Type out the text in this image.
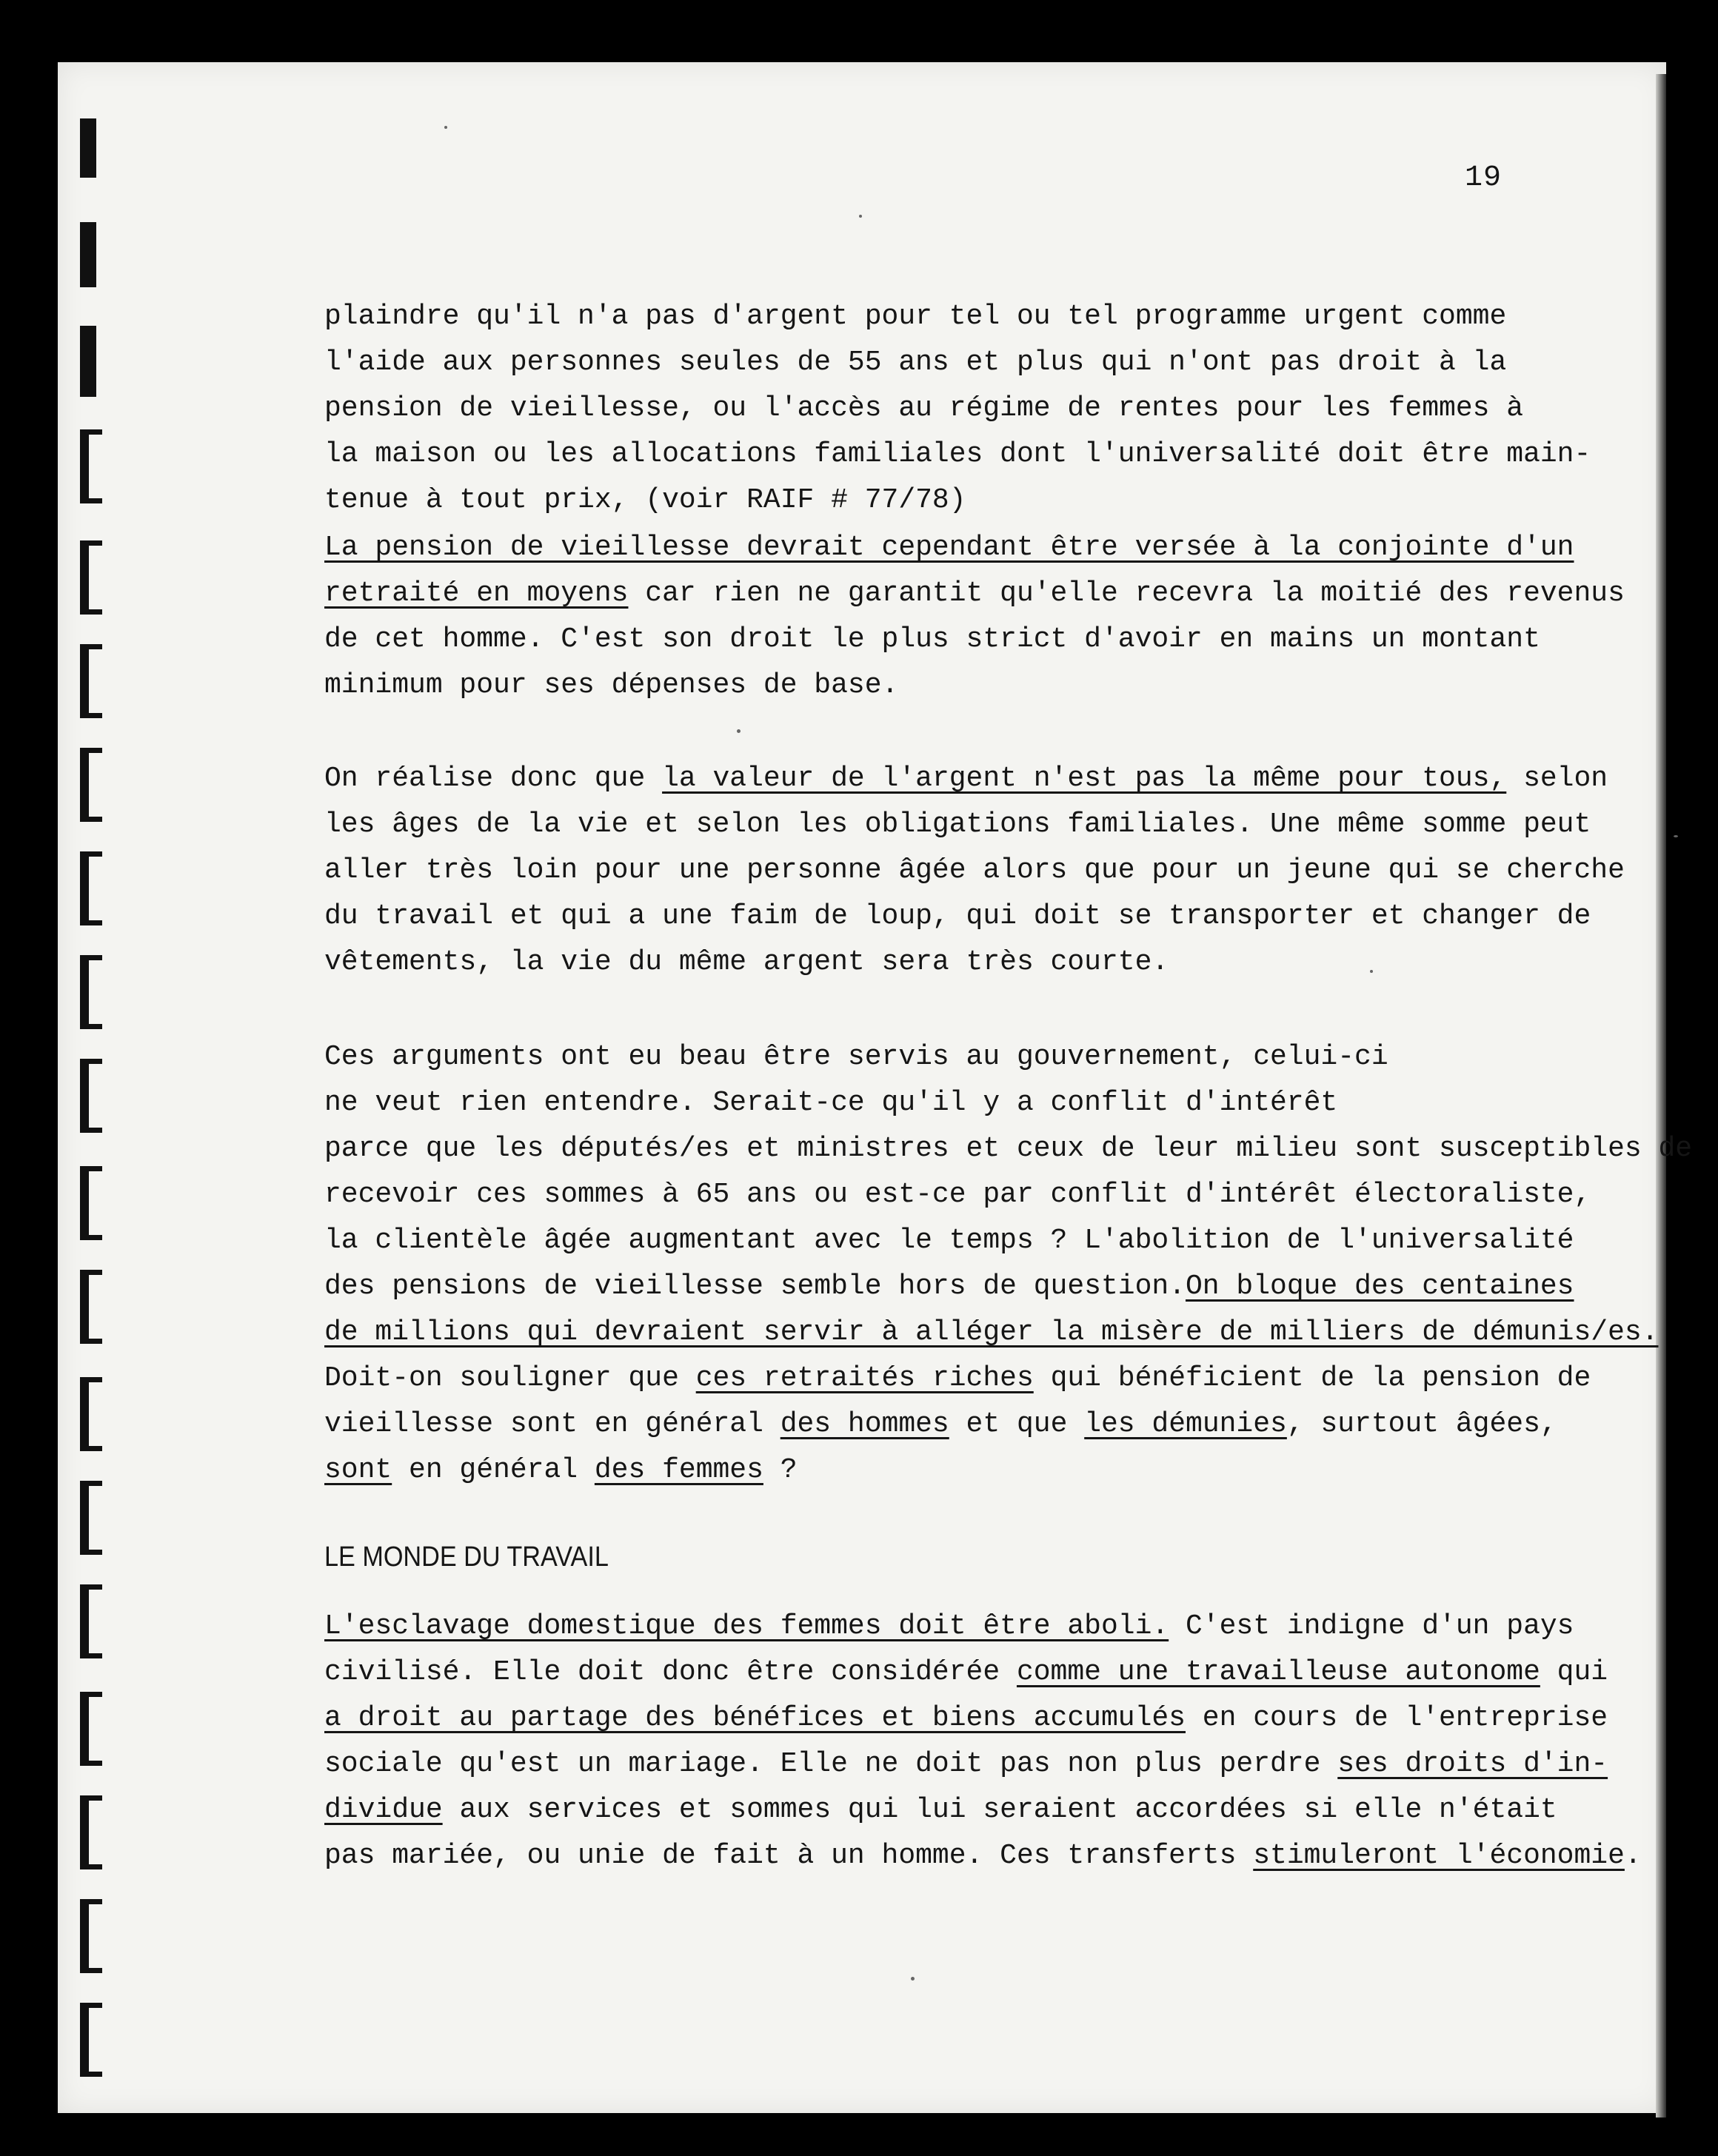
19
plaindre qu'il n'a pas d'argent pour tel ou tel programme urgent comme
l'aide aux personnes seules de 55 ans et plus qui n'ont pas droit à la
pension de vieillesse, ou l'accès au régime de rentes pour les femmes à
la maison ou les allocations familiales dont l'universalité doit être main-
tenue à tout prix, (voir RAIF # 77/78)
La pension de vieillesse devrait cependant être versée à la conjointe d'un
retraité en moyens car rien ne garantit qu'elle recevra la moitié des revenus
de cet homme. C'est son droit le plus strict d'avoir en mains un montant
minimum pour ses dépenses de base.
On réalise donc que la valeur de l'argent n'est pas la même pour tous, selon
les âges de la vie et selon les obligations familiales. Une même somme peut
aller très loin pour une personne âgée alors que pour un jeune qui se cherche
du travail et qui a une faim de loup, qui doit se transporter et changer de
vêtements, la vie du même argent sera très courte.
Ces arguments ont eu beau être servis au gouvernement, celui-ci
ne veut rien entendre. Serait-ce qu'il y a conflit d'intérêt
parce que les députés/es et ministres et ceux de leur milieu sont susceptibles de
recevoir ces sommes à 65 ans ou est-ce par conflit d'intérêt électoraliste,
la clientèle âgée augmentant avec le temps ? L'abolition de l'universalité
des pensions de vieillesse semble hors de question.On bloque des centaines
de millions qui devraient servir à alléger la misère de milliers de démunis/es.
Doit-on souligner que ces retraités riches qui bénéficient de la pension de
vieillesse sont en général des hommes et que les démunies, surtout âgées,
sont en général des femmes ?
LE MONDE DU TRAVAIL
L'esclavage domestique des femmes doit être aboli. C'est indigne d'un pays
civilisé. Elle doit donc être considérée comme une travailleuse autonome qui
a droit au partage des bénéfices et biens accumulés en cours de l'entreprise
sociale qu'est un mariage. Elle ne doit pas non plus perdre ses droits d'in-
dividue aux services et sommes qui lui seraient accordées si elle n'était
pas mariée, ou unie de fait à un homme. Ces transferts stimuleront l'économie.
